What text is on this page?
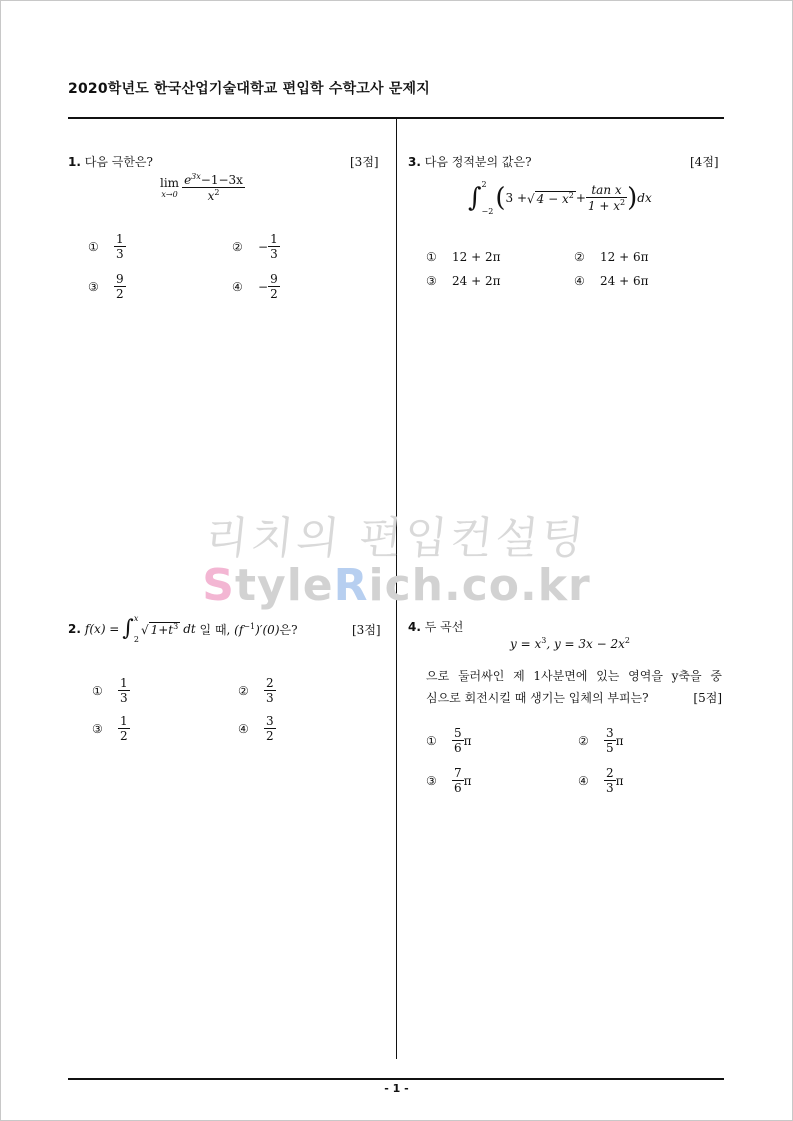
2020학년도 한국산업기술대학교 편입학 수학고사 문제지
리치의 편입컨설팅
StyleRich.co.kr
1. 다음 극한은?	[3점]
lim
$x\to 0 \frac{e^{3x}-1-3x}{x^2}$
①	$\frac{1}{3}$	②	− $\frac{1}{3}$
③	$\frac{9}{2}$	④	− $\frac{9}{2}$
3. 다음 정적분의 값은?	[4점]
∫ 2
−2 ( 3 + √ $4 - x^2 + \frac{\text{tan x}}{1 + x^2}$ ) dx
①	12 + 2π	②	12 + 6π
③	24 + 2π	④	24 + 6π
2. f(x) = ∫ x
2
√ $1+t^3$ dt 일 때, $(f^{-1})'(0)$ 은?	[3점]
①	$\frac{1}{3}$	②	$\frac{2}{3}$
③	$\frac{1}{2}$	④	$\frac{3}{2}$
4. 두 곡선
$y = x^3$, $y = 3x - 2x^2$
으로 둘러싸인 제 1사분면에 있는 영역을 y축을 중
심으로 회전시킬 때 생기는 입체의 부피는?	[5점]
①	$\frac{5}{6}$ π	②	$\frac{3}{5}$ π
③	$\frac{7}{6}$ π	④	$\frac{2}{3}$ π
- 1 -
